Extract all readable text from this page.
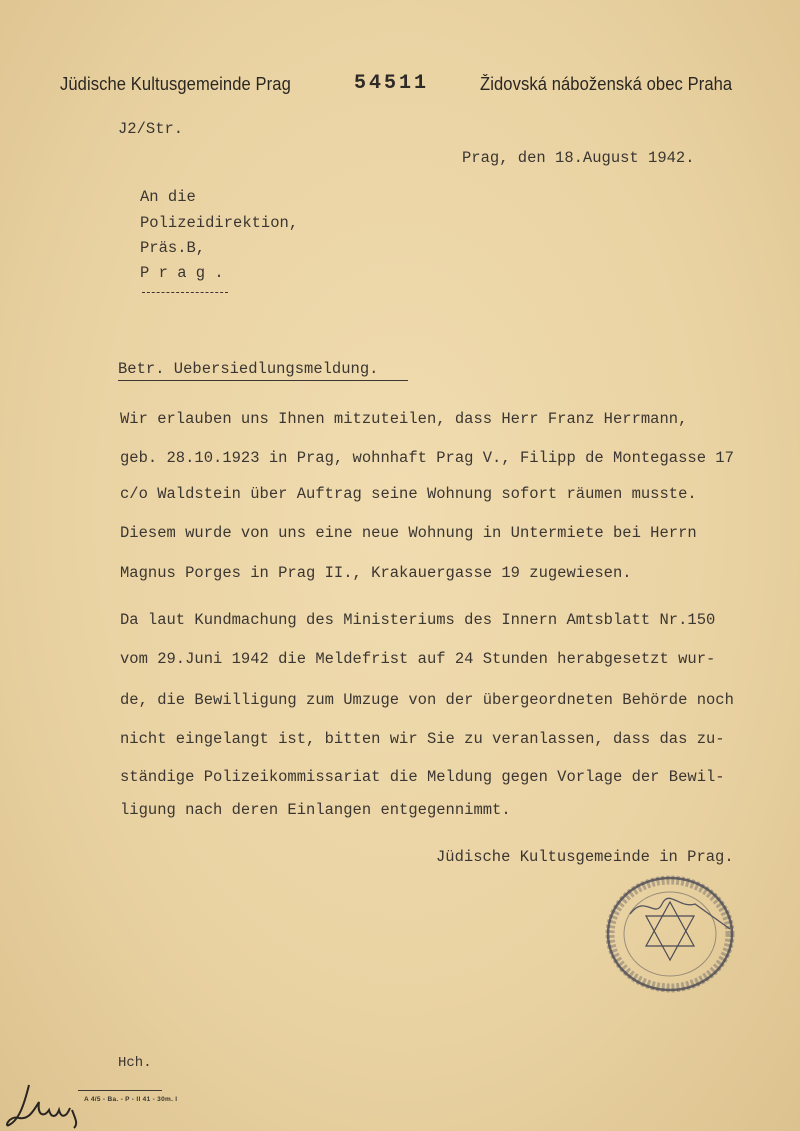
Jüdische Kultusgemeinde Prag	54511	Židovská náboženská obec Praha
J2/Str.
Prag, den 18.August 1942.
An die
Polizeidirektion,
Präs.B,
P r a g .
Betr. Uebersiedlungsmeldung.
Wir erlauben uns Ihnen mitzuteilen, dass Herr Franz Herrmann,
geb. 28.10.1923 in Prag, wohnhaft Prag V., Filipp de Montegasse 17
c/o Waldstein über Auftrag seine Wohnung sofort räumen musste.
Diesem wurde von uns eine neue Wohnung in Untermiete bei Herrn
Magnus Porges in Prag II., Krakauergasse 19 zugewiesen.
Da laut Kundmachung des Ministeriums des Innern Amtsblatt Nr.150
vom 29.Juni 1942 die Meldefrist auf 24 Stunden herabgesetzt wur-
de, die Bewilligung zum Umzuge von der übergeordneten Behörde noch
nicht eingelangt ist, bitten wir Sie zu veranlassen, dass das zu-
ständige Polizeikommissariat die Meldung gegen Vorlage der Bewil-
ligung nach deren Einlangen entgegennimmt.
Jüdische Kultusgemeinde in Prag.
Hch.
A 4/5 - Ba. - P - II 41 - 30m. l
